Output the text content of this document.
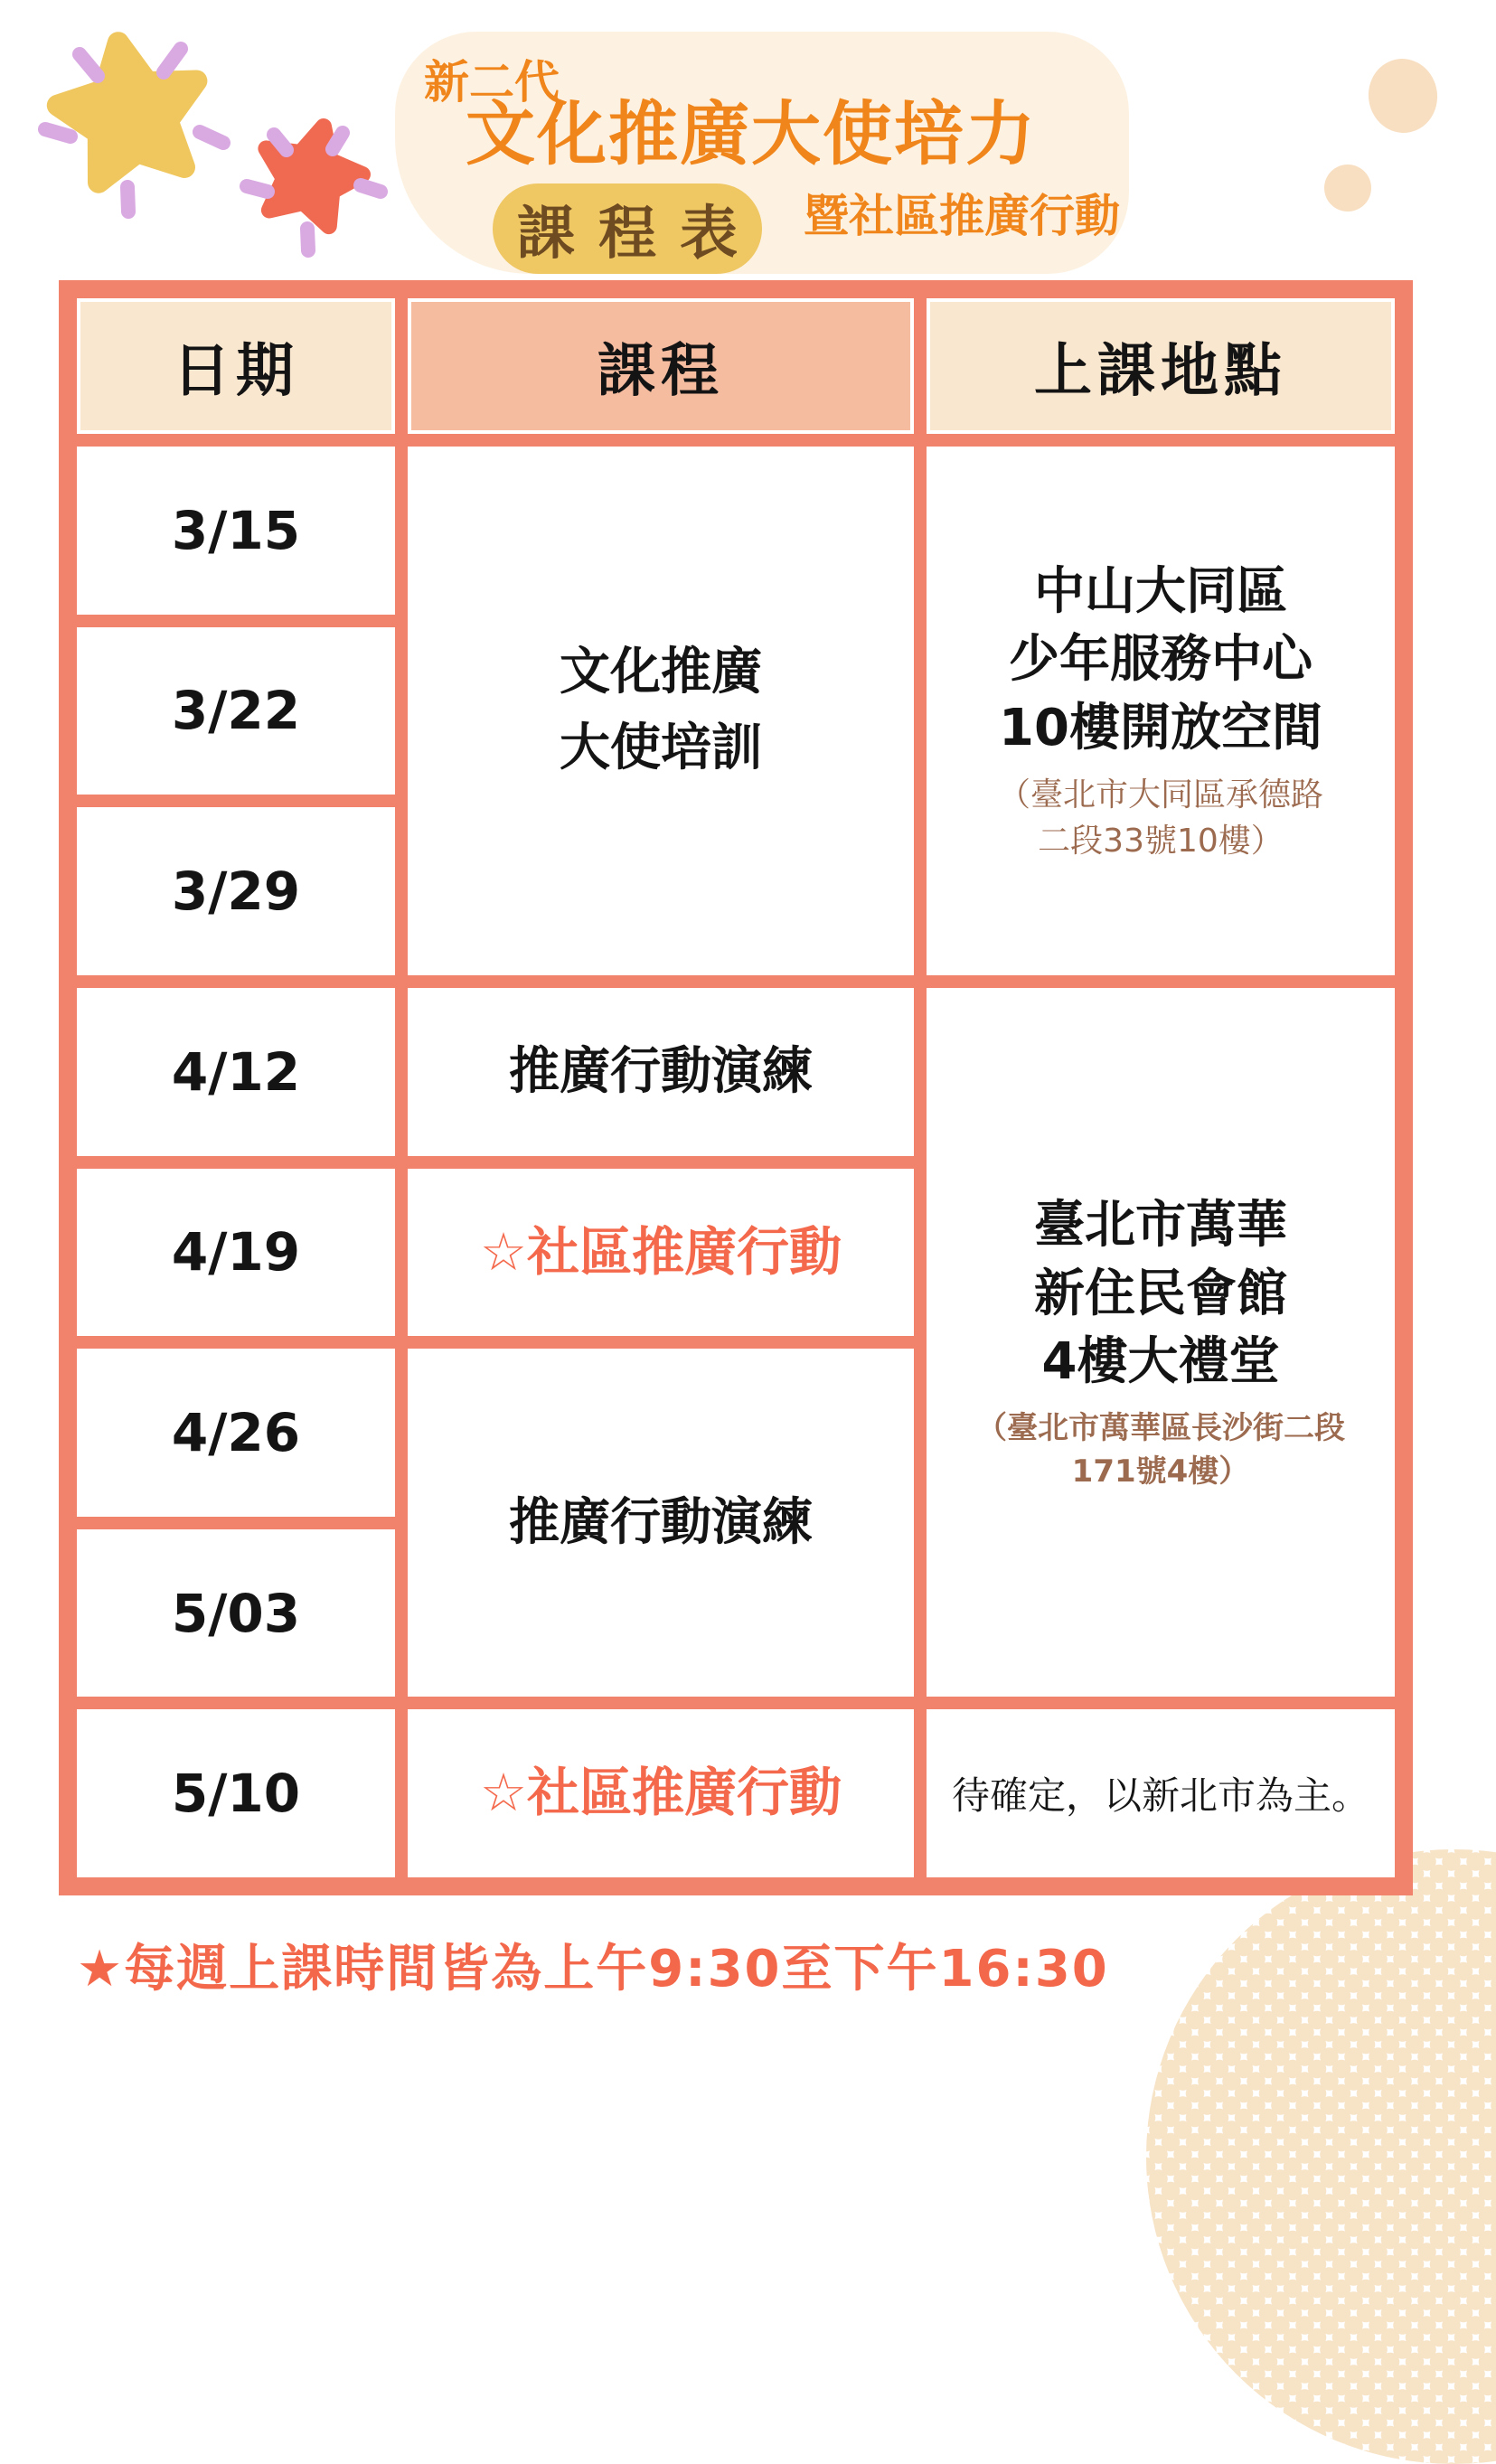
新二代
文化推廣大使培力
暨社區推廣行動
課程表
日期	課程	上課地點
3/15
3/22
3/29
4/12
4/19
4/26
5/03
5/10
文化推廣
大使培訓
推廣行動演練
☆社區推廣行動
推廣行動演練
☆社區推廣行動
中山大同區
少年服務中心
10樓開放空間
（臺北市大同區承德路
二段33號10樓）
臺北市萬華
新住民會館
4樓大禮堂
（臺北市萬華區長沙街二段
171號4樓）
待確定，以新北市為主。
★每週上課時間皆為上午9:30至下午16:30
